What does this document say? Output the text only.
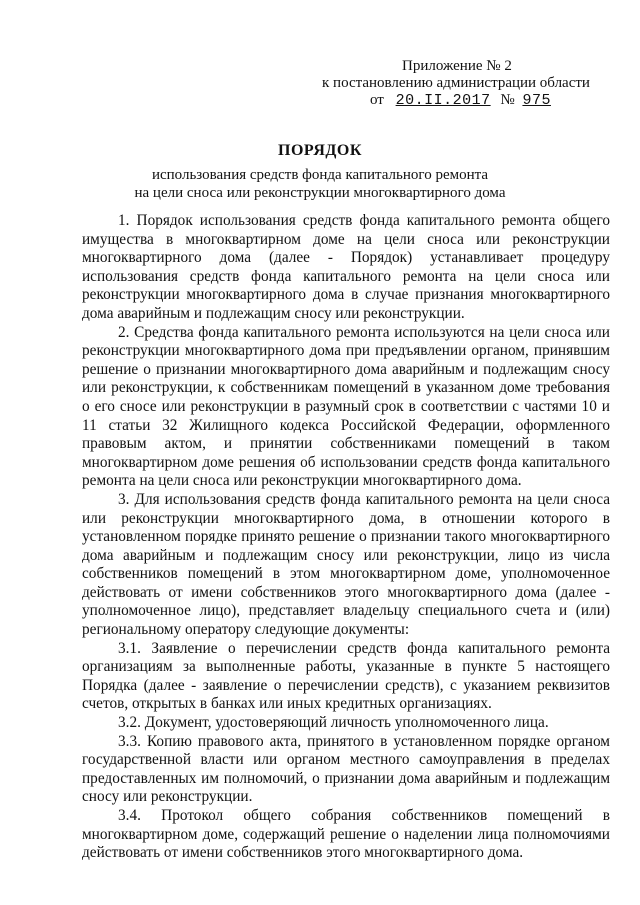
Приложение № 2
к постановлению администрации области
от 20.II.2017 № 975
ПОРЯДОК
использования средств фонда капитального ремонта
на цели сноса или реконструкции многоквартирного дома

1. Порядок использования средств фонда капитального ремонта общего имущества в многоквартирном доме на цели сноса или реконструкции многоквартирного дома (далее - Порядок) устанавливает процедуру использования средств фонда капитального ремонта на цели сноса или реконструкции многоквартирного дома в случае признания многоквартирного дома аварийным и подлежащим сносу или реконструкции.

2. Средства фонда капитального ремонта используются на цели сноса или реконструкции многоквартирного дома при предъявлении органом, принявшим решение о признании многоквартирного дома аварийным и подлежащим сносу или реконструкции, к собственникам помещений в указанном доме требования о его сносе или реконструкции в разумный срок в соответствии с частями 10 и 11 статьи 32 Жилищного кодекса Российской Федерации, оформленного правовым актом, и принятии собственниками помещений в таком многоквартирном доме решения об использовании средств фонда капитального ремонта на цели сноса или реконструкции многоквартирного дома.

3. Для использования средств фонда капитального ремонта на цели сноса или реконструкции многоквартирного дома, в отношении которого в установленном порядке принято решение о признании такого многоквартирного дома аварийным и подлежащим сносу или реконструкции, лицо из числа собственников помещений в этом многоквартирном доме, уполномоченное действовать от имени собственников этого многоквартирного дома (далее - уполномоченное лицо), представляет владельцу специального счета и (или) региональному оператору следующие документы:

3.1. Заявление о перечислении средств фонда капитального ремонта организациям за выполненные работы, указанные в пункте 5 настоящего Порядка (далее - заявление о перечислении средств), с указанием реквизитов счетов, открытых в банках или иных кредитных организациях.

3.2. Документ, удостоверяющий личность уполномоченного лица.

3.3. Копию правового акта, принятого в установленном порядке органом государственной власти или органом местного самоуправления в пределах предоставленных им полномочий, о признании дома аварийным и подлежащим сносу или реконструкции.

3.4. Протокол общего собрания собственников помещений в многоквартирном доме, содержащий решение о наделении лица полномочиями действовать от имени собственников этого многоквартирного дома.
